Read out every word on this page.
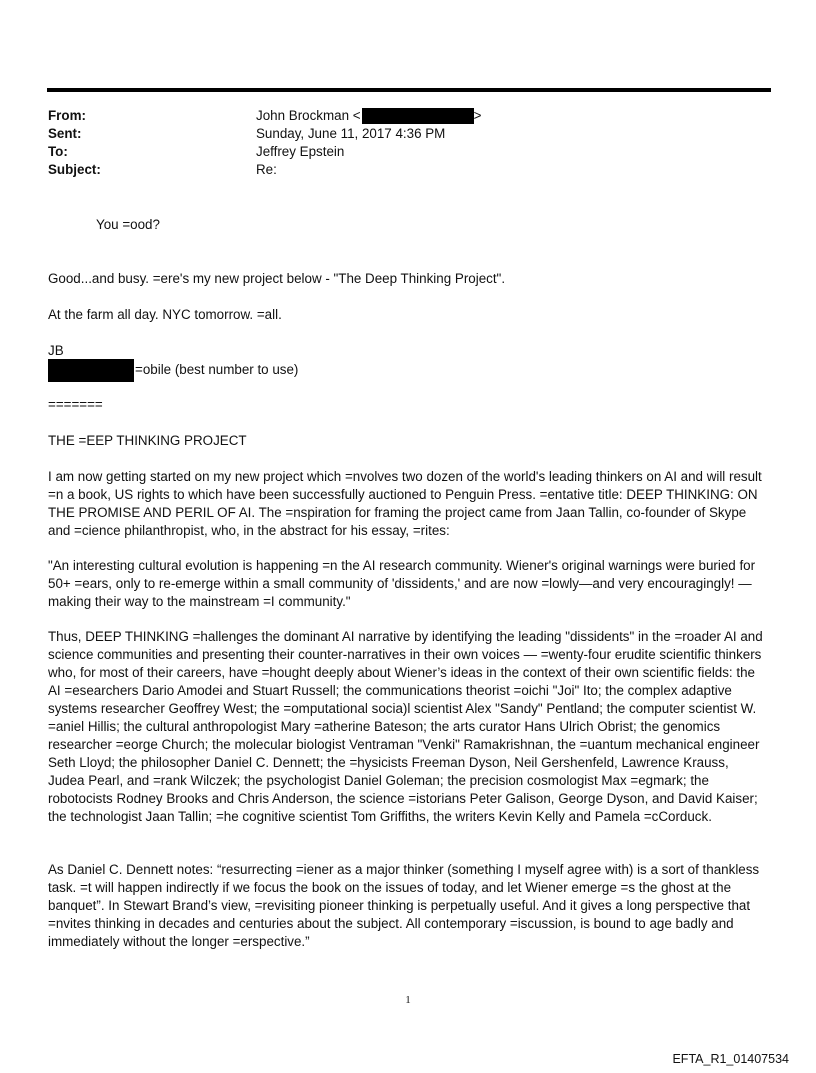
From:	John Brockman <	>
Sent:	Sunday, June 11, 2017 4:36 PM
To:	Jeffrey Epstein
Subject:	Re:
You =ood?
Good...and busy. =ere's my new project below - "The Deep Thinking Project".
At the farm all day. NYC tomorrow. =all.
JB
=obile (best number to use)
=======
THE =EEP THINKING PROJECT

I am now getting started on my new project which =nvolves two dozen of the world's leading thinkers on AI and will result =n a book, US rights to which have been successfully auctioned to Penguin Press. =entative title: DEEP THINKING: ON THE PROMISE AND PERIL OF AI. The =nspiration for framing the project came from Jaan Tallin, co-founder of Skype and =cience philanthropist, who, in the abstract for his essay, =rites:

"An interesting cultural evolution is happening =n the AI research community. Wiener's original warnings were buried for 50+ =ears, only to re-emerge within a small community of 'dissidents,' and are now =lowly—and very encouragingly! — making their way to the mainstream =I community."

Thus, DEEP THINKING =hallenges the dominant AI narrative by identifying the leading "dissidents" in the =roader AI and science communities and presenting their counter-narratives in their own voices — =wenty-four erudite scientific thinkers who, for most of their careers, have =hought deeply about Wiener’s ideas in the context of their own scientific fields: the AI =esearchers Dario Amodei and Stuart Russell; the communications theorist =oichi "Joi" Ito; the complex adaptive systems researcher Geoffrey West; the =omputational socia)l scientist Alex "Sandy" Pentland; the computer scientist W. =aniel Hillis; the cultural anthropologist Mary =atherine Bateson; the arts curator Hans Ulrich Obrist; the genomics researcher =eorge Church; the molecular biologist Ventraman "Venki" Ramakrishnan, the =uantum mechanical engineer Seth Lloyd; the philosopher Daniel C. Dennett; the =hysicists Freeman Dyson, Neil Gershenfeld, Lawrence Krauss, Judea Pearl, and =rank Wilczek; the psychologist Daniel Goleman; the precision cosmologist Max =egmark; the robotocists Rodney Brooks and Chris Anderson, the science =istorians Peter Galison, George Dyson, and David Kaiser; the technologist Jaan Tallin; =he cognitive scientist Tom Griffiths, the writers Kevin Kelly and Pamela =cCorduck.

As Daniel C. Dennett notes: “resurrecting =iener as a major thinker (something I myself agree with) is a sort of thankless task. =t will happen indirectly if we focus the book on the issues of today, and let Wiener emerge =s the ghost at the banquet”. In Stewart Brand’s view, =revisiting pioneer thinking is perpetually useful. And it gives a long perspective that =nvites thinking in decades and centuries about the subject. All contemporary =iscussion, is bound to age badly and immediately without the longer =erspective.”

1
EFTA_R1_01407534
